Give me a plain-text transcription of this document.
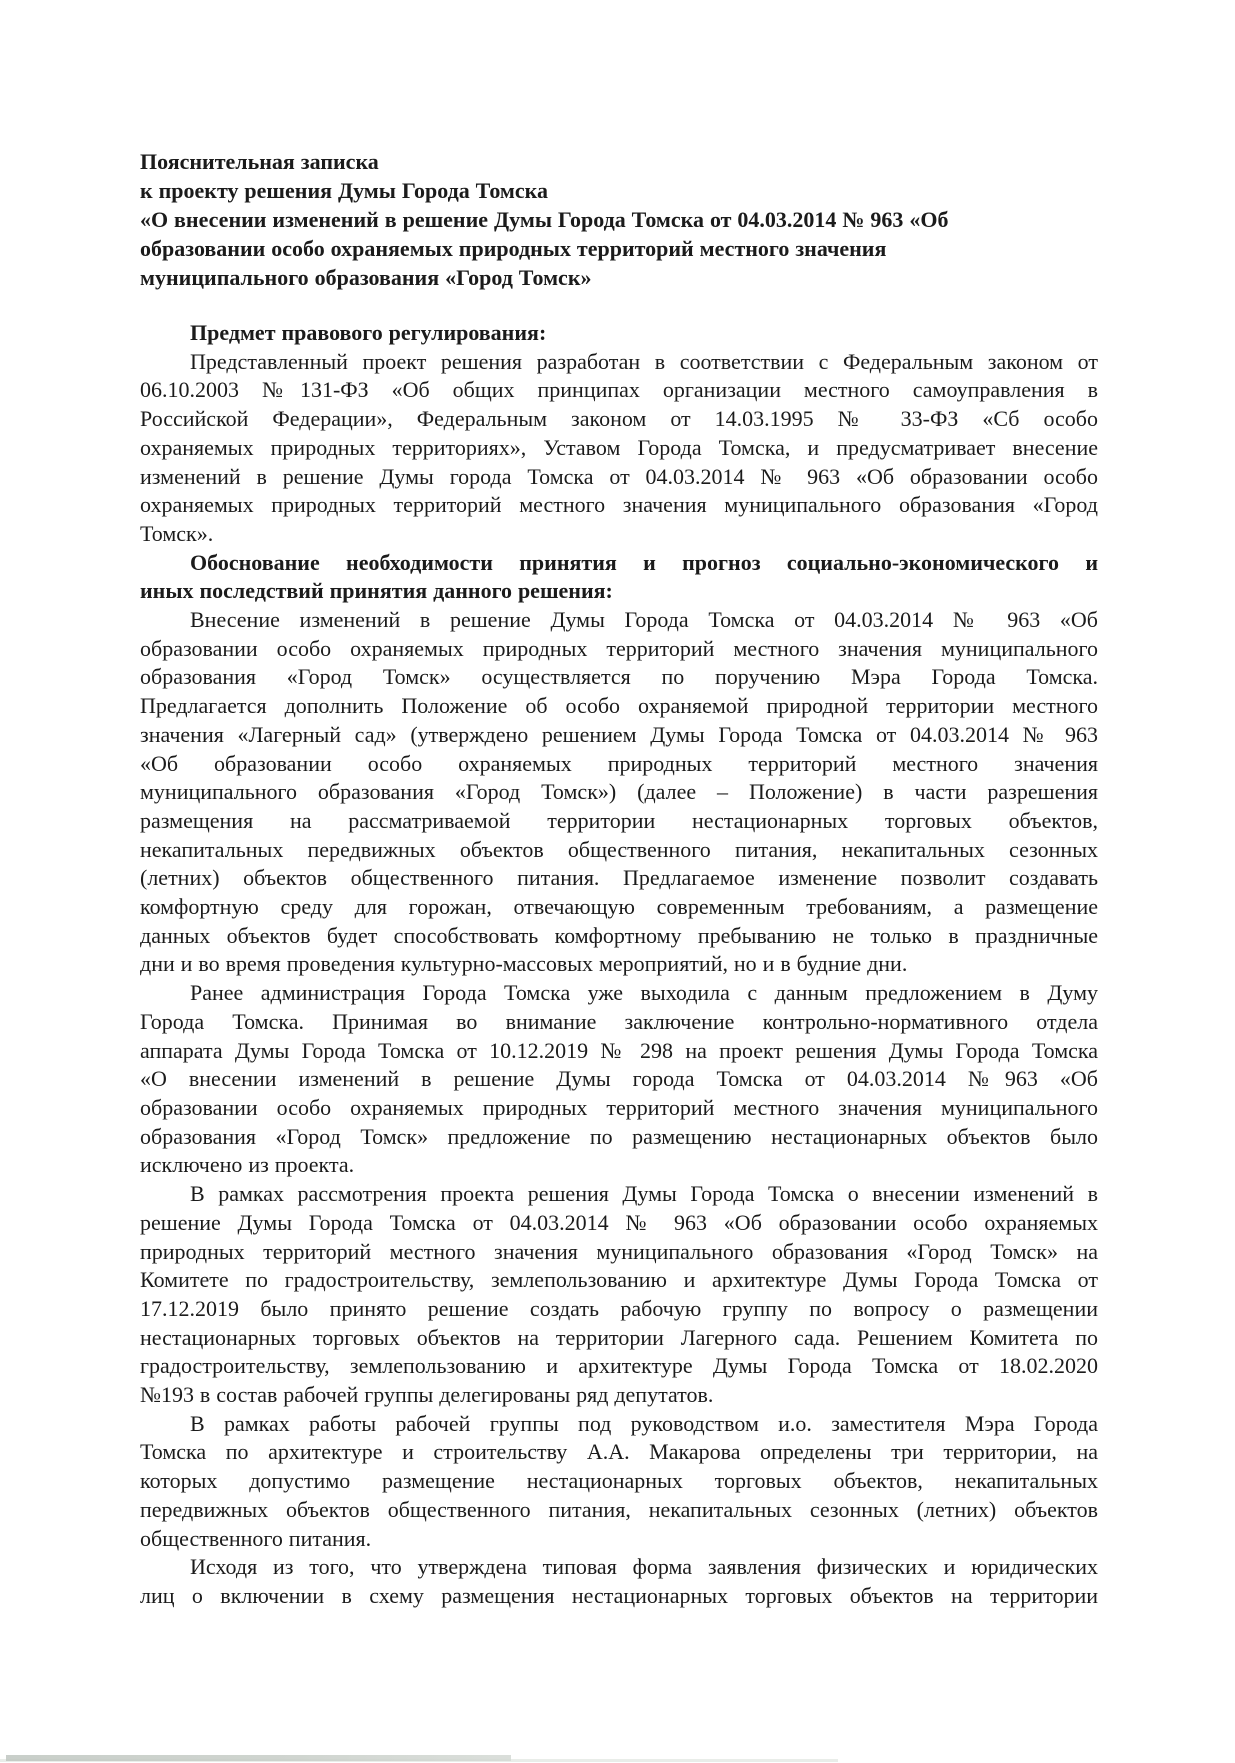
Пояснительная записка
к проекту решения Думы Города Томска
«О внесении изменений в решение Думы Города Томска от 04.03.2014 № 963 «Об
образовании особо охраняемых природных территорий местного значения
муниципального образования «Город Томск»
Предмет правового регулирования:
Представленный проект решения разработан в соответствии с Федеральным законом от
06.10.2003 №131-ФЗ «Об общих принципах организации местного самоуправления в
Российской Федерации», Федеральным законом от 14.03.1995 № 33-ФЗ «Сб особо
охраняемых природных территориях», Уставом Города Томска, и предусматривает внесение
изменений в решение Думы города Томска от 04.03.2014 № 963 «Об образовании особо
охраняемых природных территорий местного значения муниципального образования «Город
Томск».
Обоснование необходимости принятия и прогноз социально-экономического и
иных последствий принятия данного решения:
Внесение изменений в решение Думы Города Томска от 04.03.2014 № 963 «Об
образовании особо охраняемых природных территорий местного значения муниципального
образования «Город Томск» осуществляется по поручению Мэра Города Томска.
Предлагается дополнить Положение об особо охраняемой природной территории местного
значения «Лагерный сад» (утверждено решением Думы Города Томска от 04.03.2014 № 963
«Об образовании особо охраняемых природных территорий местного значения
муниципального образования «Город Томск») (далее – Положение) в части разрешения
размещения на рассматриваемой территории нестационарных торговых объектов,
некапитальных передвижных объектов общественного питания, некапитальных сезонных
(летних) объектов общественного питания. Предлагаемое изменение позволит создавать
комфортную среду для горожан, отвечающую современным требованиям, а размещение
данных объектов будет способствовать комфортному пребыванию не только в праздничные
дни и во время проведения культурно-массовых мероприятий, но и в будние дни.
Ранее администрация Города Томска уже выходила с данным предложением в Думу
Города Томска. Принимая во внимание заключение контрольно-нормативного отдела
аппарата Думы Города Томска от 10.12.2019 № 298 на проект решения Думы Города Томска
«О внесении изменений в решение Думы города Томска от 04.03.2014 №963 «Об
образовании особо охраняемых природных территорий местного значения муниципального
образования «Город Томск» предложение по размещению нестационарных объектов было
исключено из проекта.
В рамках рассмотрения проекта решения Думы Города Томска о внесении изменений в
решение Думы Города Томска от 04.03.2014 № 963 «Об образовании особо охраняемых
природных территорий местного значения муниципального образования «Город Томск» на
Комитете по градостроительству, землепользованию и архитектуре Думы Города Томска от
17.12.2019 было принято решение создать рабочую группу по вопросу о размещении
нестационарных торговых объектов на территории Лагерного сада. Решением Комитета по
градостроительству, землепользованию и архитектуре Думы Города Томска от 18.02.2020
№193 в состав рабочей группы делегированы ряд депутатов.
В рамках работы рабочей группы под руководством и.о. заместителя Мэра Города
Томска по архитектуре и строительству А.А. Макарова определены три территории, на
которых допустимо размещение нестационарных торговых объектов, некапитальных
передвижных объектов общественного питания, некапитальных сезонных (летних) объектов
общественного питания.
Исходя из того, что утверждена типовая форма заявления физических и юридических
лиц о включении в схему размещения нестационарных торговых объектов на территории
